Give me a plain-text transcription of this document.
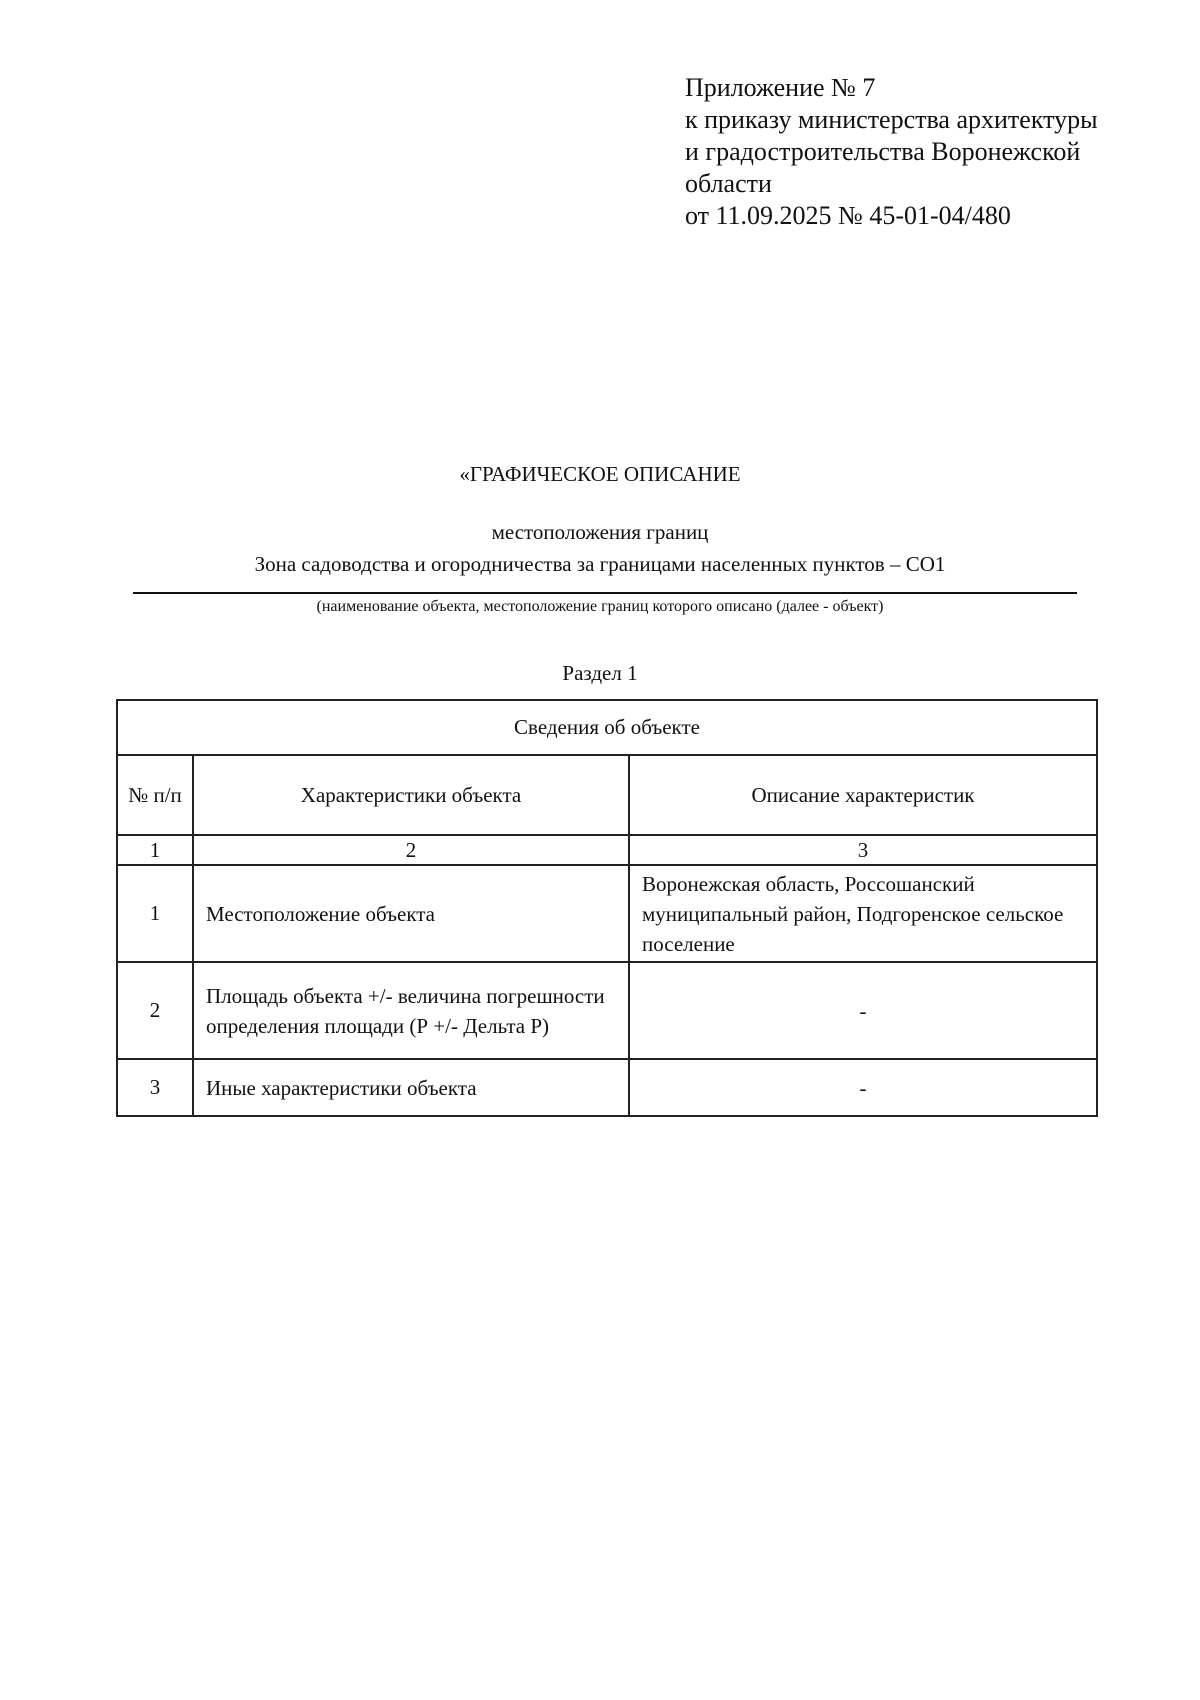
Приложение № 7
к приказу министерства архитектуры
и градостроительства Воронежской
области
от 11.09.2025 № 45-01-04/480
«ГРАФИЧЕСКОЕ ОПИСАНИЕ
местоположения границ
Зона садоводства и огородничества за границами населенных пунктов – СО1
(наименование объекта, местоположение границ которого описано (далее - объект)
Раздел 1
Сведения об объекте		
№ п/п	Характеристики объекта	Описание характеристик
1	2	3
1	Местоположение объекта	Воронежская область, Россошанский муниципальный район, Подгоренское сельское поселение
2	Площадь объекта +/- величина погрешности определения площади (Р +/- Дельта Р)	-
3	Иные характеристики объекта	-
